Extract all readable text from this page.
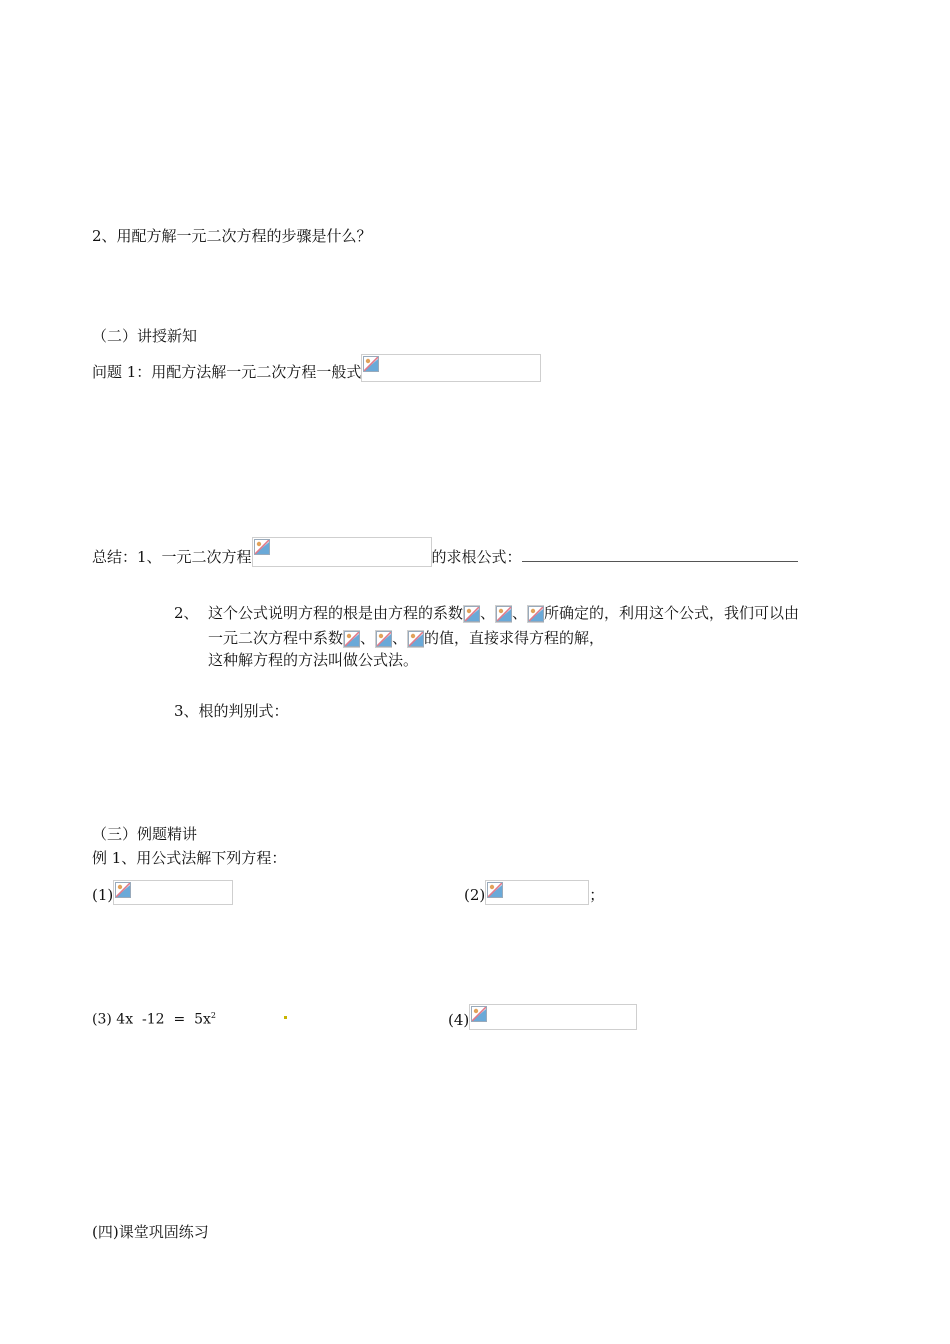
2、用配方解一元二次方程的步骤是什么？
（二）讲授新知
问题 1：用配方法解一元二次方程一般式
总结：1、一元二次方程	的求根公式：
2、 这个公式说明方程的根是由方程的系数 、 、 所确定的，利用这个公式，我们可以由
一元二次方程中系数 、 、 的值，直接求得方程的解，
这种解方程的方法叫做公式法。
3、根的判别式：
（三）例题精讲
例 1、用公式法解下列方程：
(1)	(2)	；
(3) 4x  $-12 = 5x^2$	(4)
(四)课堂巩固练习
